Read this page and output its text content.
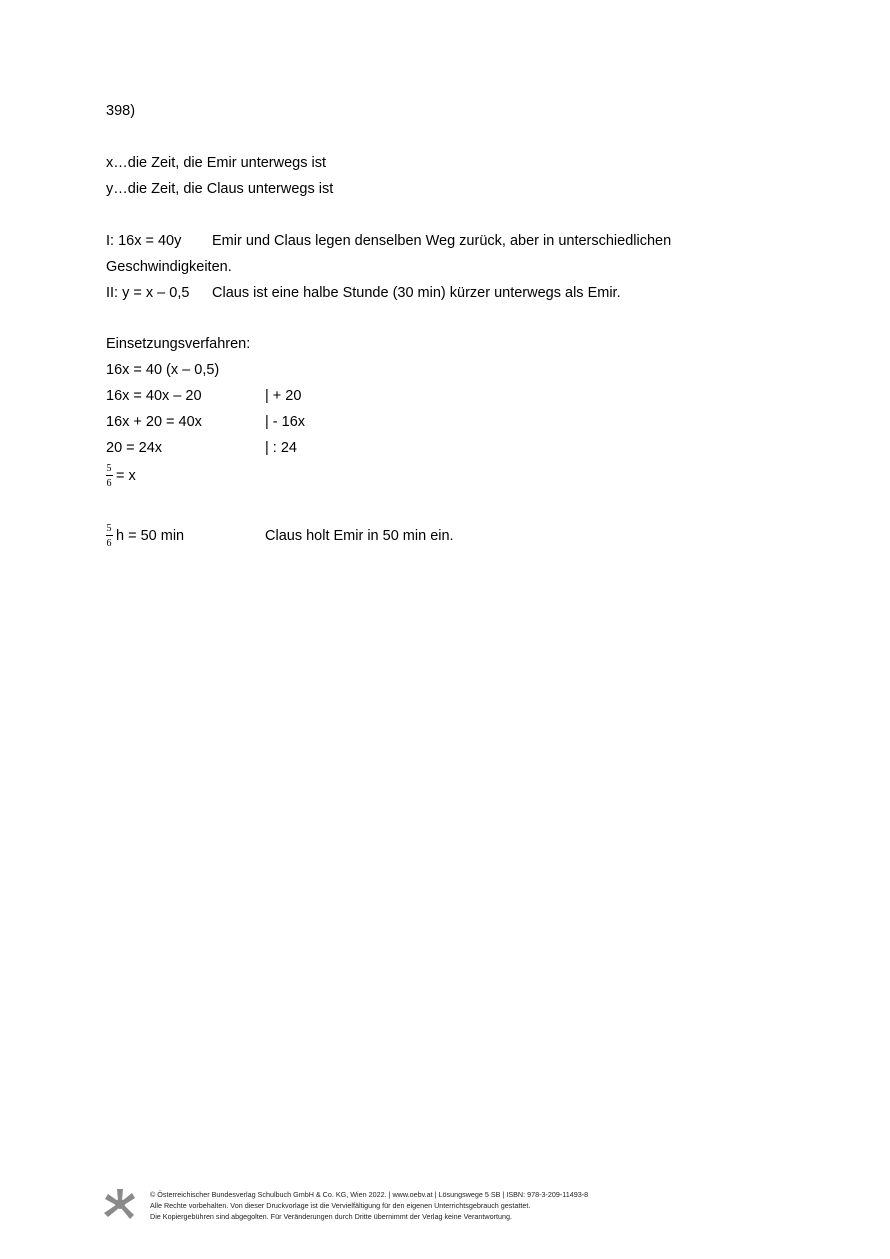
398)
x…die Zeit, die Emir unterwegs ist
y…die Zeit, die Claus unterwegs ist
I: 16x = 40y Emir und Claus legen denselben Weg zurück, aber in unterschiedlichen
Geschwindigkeiten.
II: y = x – 0,5 Claus ist eine halbe Stunde (30 min) kürzer unterwegs als Emir.
Einsetzungsverfahren:
16x = 40 (x – 0,5)
16x = 40x – 20	| + 20
16x + 20 = 40x	| - 16x
20 = 24x	| : 24
5
6 = x
5
6 h = 50 min	Claus holt Emir in 50 min ein.
© Österreichischer Bundesverlag Schulbuch GmbH & Co. KG, Wien 2022. | www.oebv.at | Lösungswege 5 SB | ISBN: 978-3-209-11493-8
Alle Rechte vorbehalten. Von dieser Druckvorlage ist die Vervielfältigung für den eigenen Unterrichtsgebrauch gestattet.
Die Kopiergebühren sind abgegolten. Für Veränderungen durch Dritte übernimmt der Verlag keine Verantwortung.
